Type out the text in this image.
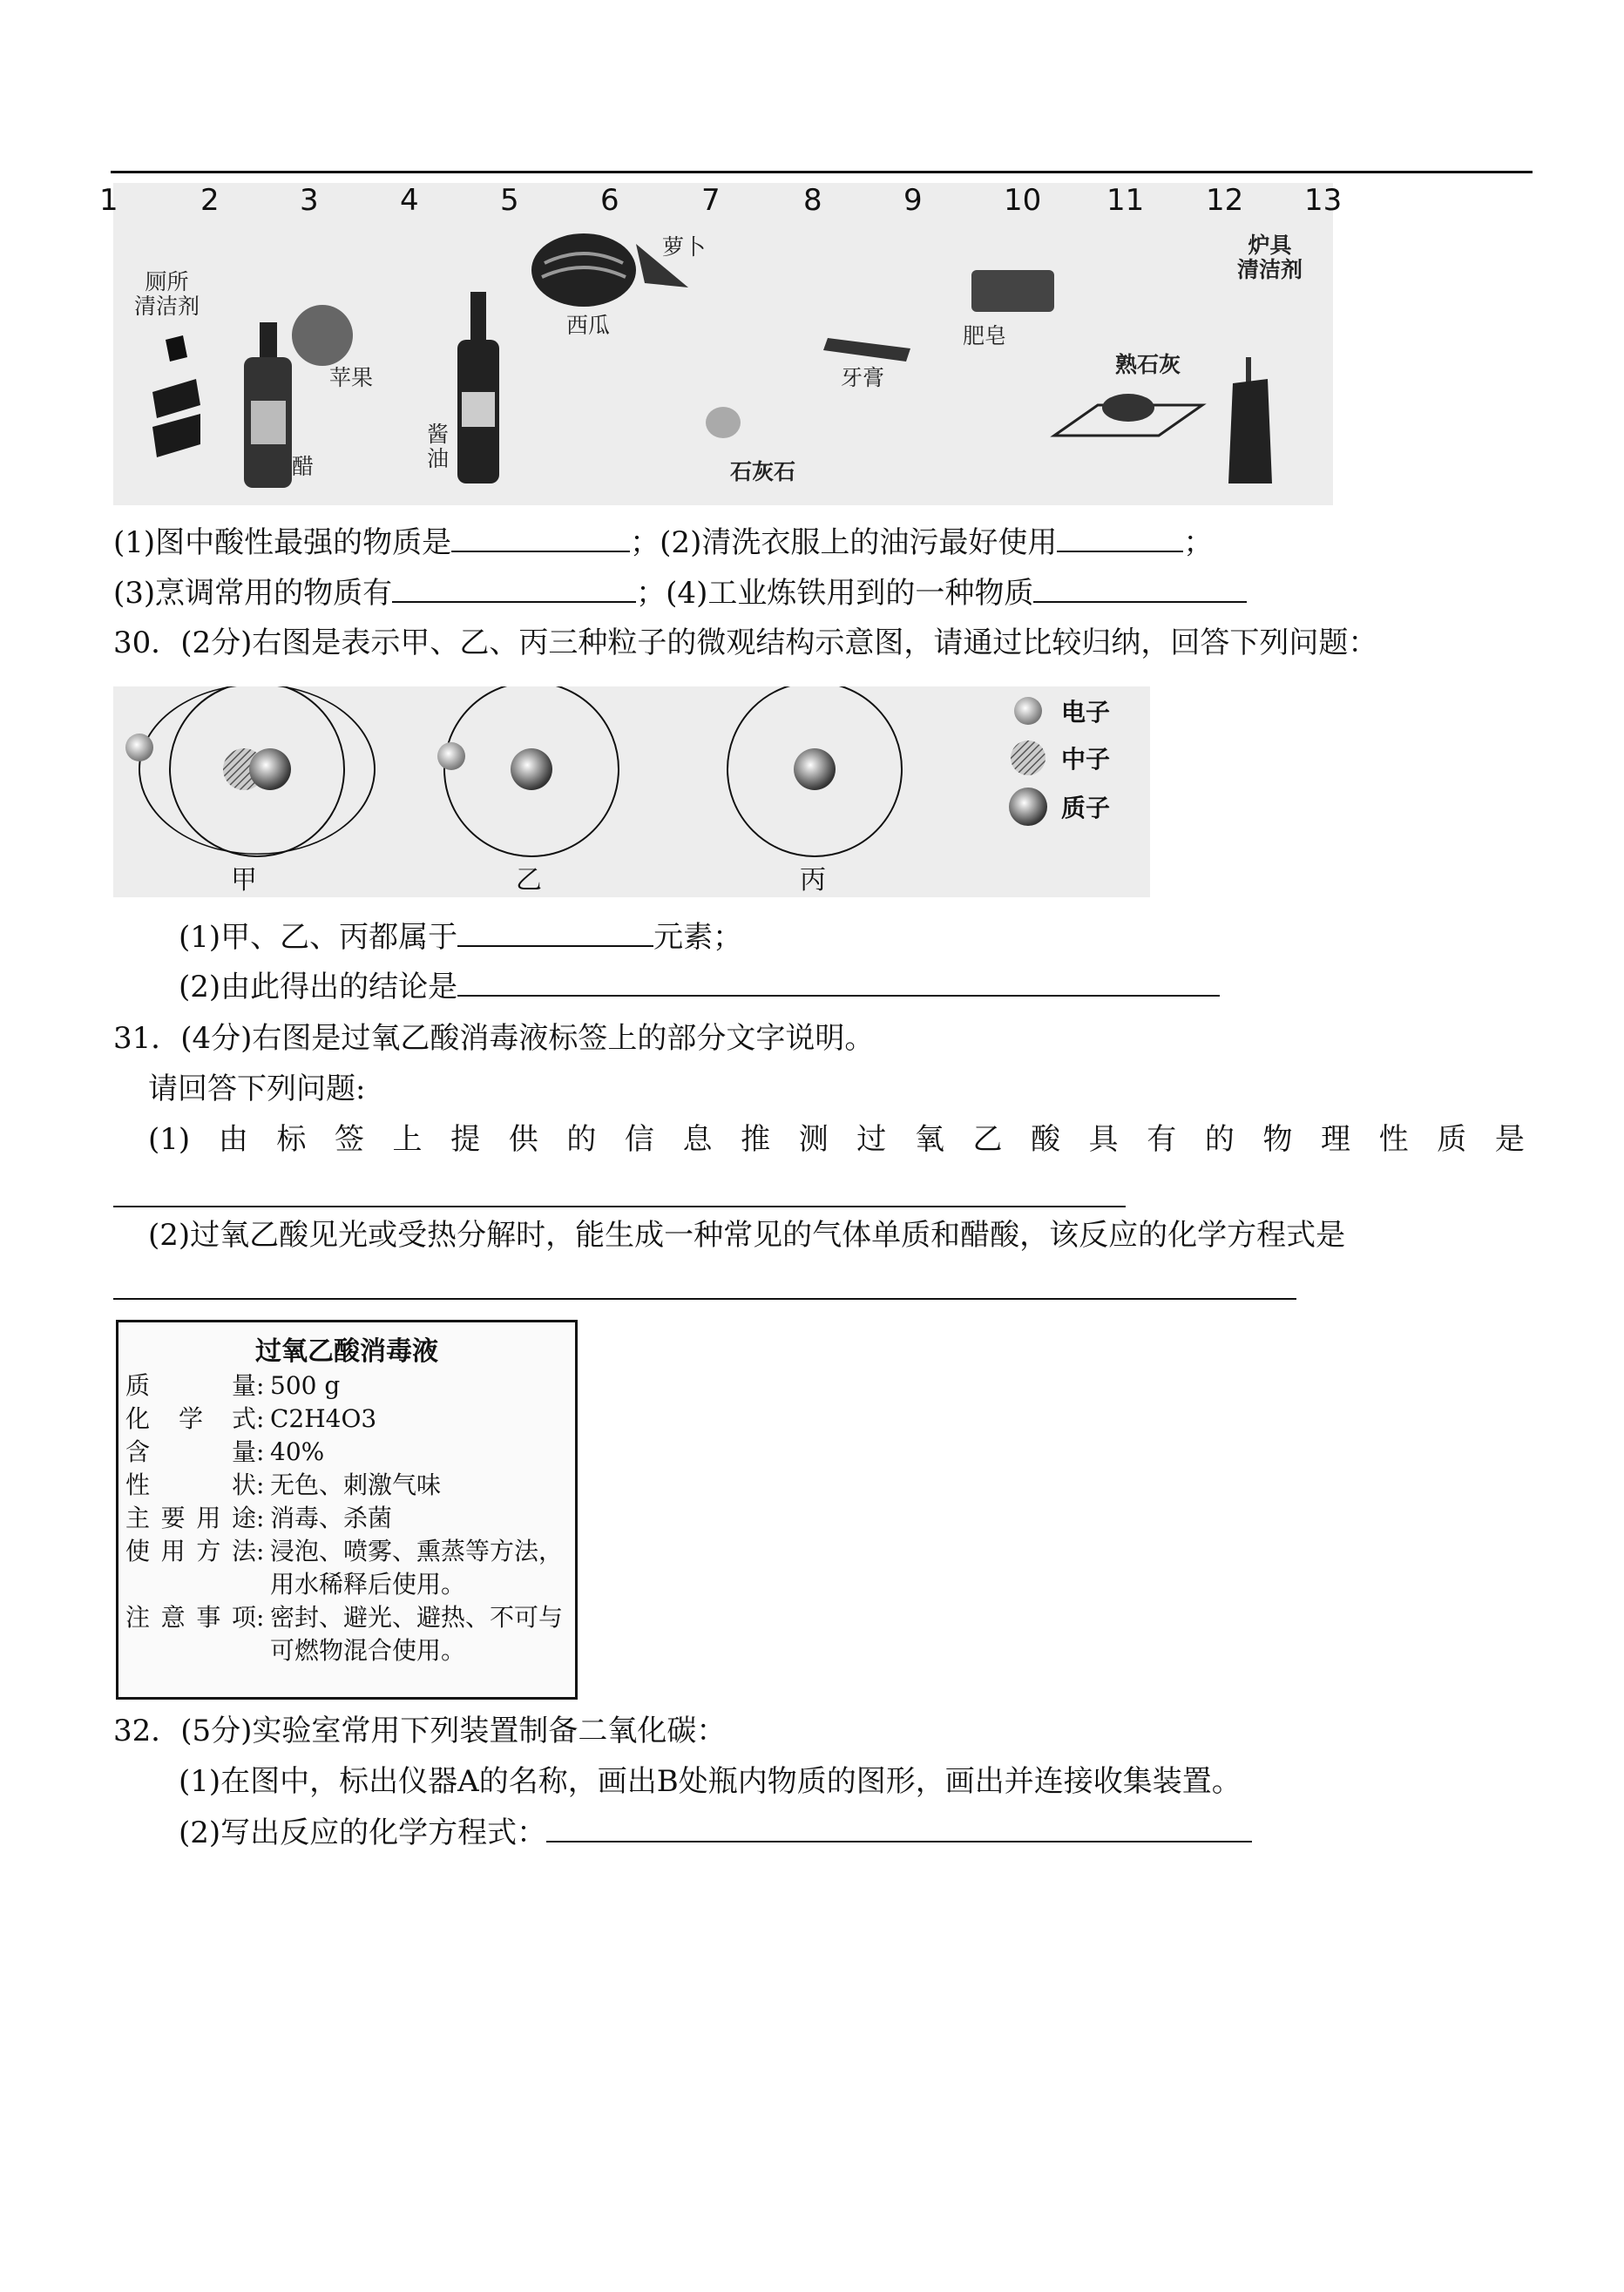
1	2	3	4	5	6	7	8	9	10 11 12 13
厕所
清洁剂
苹果
醋
酱
油
西瓜
萝卜
石灰石
牙膏
肥皂
熟石灰
炉具
清洁剂
(1)图中酸性最强的物质是	；(2)清洗衣服上的油污最好使用	；
(3)烹调常用的物质有	；(4)工业炼铁用到的一种物质
30．(2分)右图是表示甲、乙、丙三种粒子的微观结构示意图，请通过比较归纳，回答下列问题：
电子
中子
质子
甲	乙	丙
(1)甲、乙、丙都属于	元素；
(2)由此得出的结论是
31．(4分)右图是过氧乙酸消毒液标签上的部分文字说明。
请回答下列问题:
(1) 由 标 签 上 提 供 的 信 息 推 测 过 氧 乙 酸 具 有 的 物 理 性 质 是
(2)过氧乙酸见光或受热分解时，能生成一种常见的气体单质和醋酸，该反应的化学方程式是
过氧乙酸消毒液
质量 : 500 g
化学式 : C2H4O3
含量 : 40%
性状 : 无色、刺激气味
主要用途 : 消毒、杀菌
使用方法 : 浸泡、喷雾、熏蒸等方法，
用水稀释后使用。
注意事项 : 密封、避光、避热、不可与
可燃物混合使用。
32．(5分)实验室常用下列装置制备二氧化碳：
(1)在图中，标出仪器A的名称，画出B处瓶内物质的图形，画出并连接收集装置。
(2)写出反应的化学方程式：
